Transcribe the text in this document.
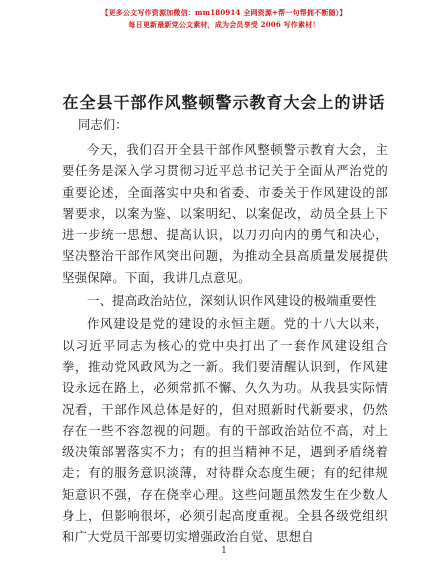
【更多公文写作资源加微信：mm180914 全网资源+帮一句帮拥不断随）】
每日更新最新党公文素材，成为会员享受 2006 写作素材！
在全县干部作风整顿警示教育大会上的讲话
同志们：

今天，我们召开全县干部作风整顿警示教育大会，主要任务是深入学习贯彻习近平总书记关于全面从严治党的重要论述，全面落实中央和省委、市委关于作风建设的部署要求，以案为鉴、以案明纪、以案促改，动员全县上下进一步统一思想、提高认识，以刀刃向内的勇气和决心，坚决整治干部作风突出问题，为推动全县高质量发展提供坚强保障。下面，我讲几点意见。

一、提高政治站位，深刻认识作风建设的极端重要性

作风建设是党的建设的永恒主题。党的十八大以来，以习近平同志为核心的党中央打出了一套作风建设组合拳，推动党风政风为之一新。我们要清醒认识到，作风建设永远在路上，必须常抓不懈、久久为功。从我县实际情况看，干部作风总体是好的，但对照新时代新要求，仍然存在一些不容忽视的问题。有的干部政治站位不高，对上级决策部署落实不力；有的担当精神不足，遇到矛盾绕着走；有的服务意识淡薄，对待群众态度生硬；有的纪律规矩意识不强，存在侥幸心理。这些问题虽然发生在少数人身上，但影响很坏，必须引起高度重视。全县各级党组织和广大党员干部要切实增强政治自觉、思想自

1
